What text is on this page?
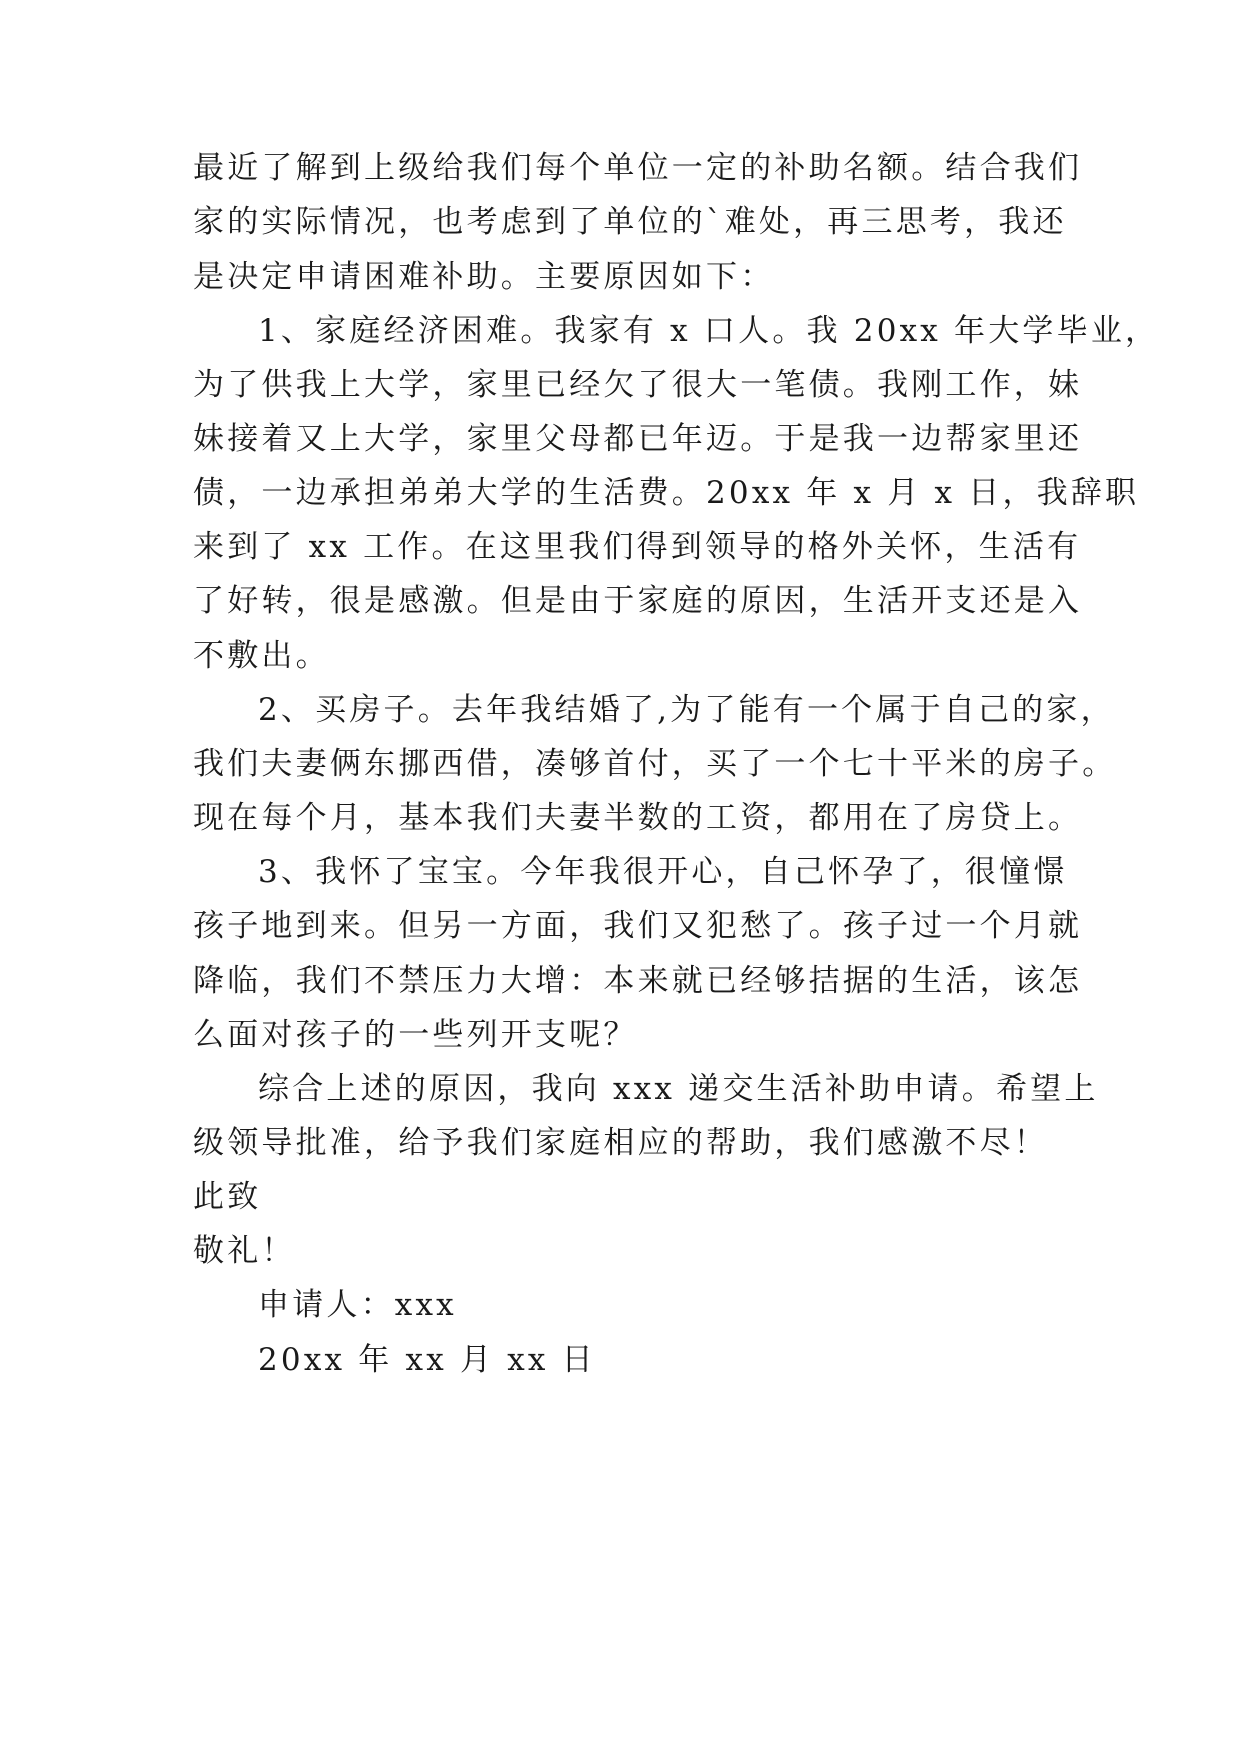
最近了解到上级给我们每个单位一定的补助名额。结合我们
家的实际情况，也考虑到了单位的`难处，再三思考，我还
是决定申请困难补助。主要原因如下：
1、家庭经济困难。我家有 x 口人。我 20xx 年大学毕业，
为了供我上大学，家里已经欠了很大一笔债。我刚工作，妹
妹接着又上大学，家里父母都已年迈。于是我一边帮家里还
债，一边承担弟弟大学的生活费。20xx 年 x 月 x 日，我辞职
来到了 xx 工作。在这里我们得到领导的格外关怀，生活有
了好转，很是感激。但是由于家庭的原因，生活开支还是入
不敷出。
2、买房子。去年我结婚了,为了能有一个属于自己的家，
我们夫妻俩东挪西借，凑够首付，买了一个七十平米的房子。
现在每个月，基本我们夫妻半数的工资，都用在了房贷上。
3、我怀了宝宝。今年我很开心，自己怀孕了，很憧憬
孩子地到来。但另一方面，我们又犯愁了。孩子过一个月就
降临，我们不禁压力大增：本来就已经够拮据的生活，该怎
么面对孩子的一些列开支呢？
综合上述的原因，我向 xxx 递交生活补助申请。希望上
级领导批准，给予我们家庭相应的帮助，我们感激不尽！
此致
敬礼！
申请人：xxx
20xx 年 xx 月 xx 日
